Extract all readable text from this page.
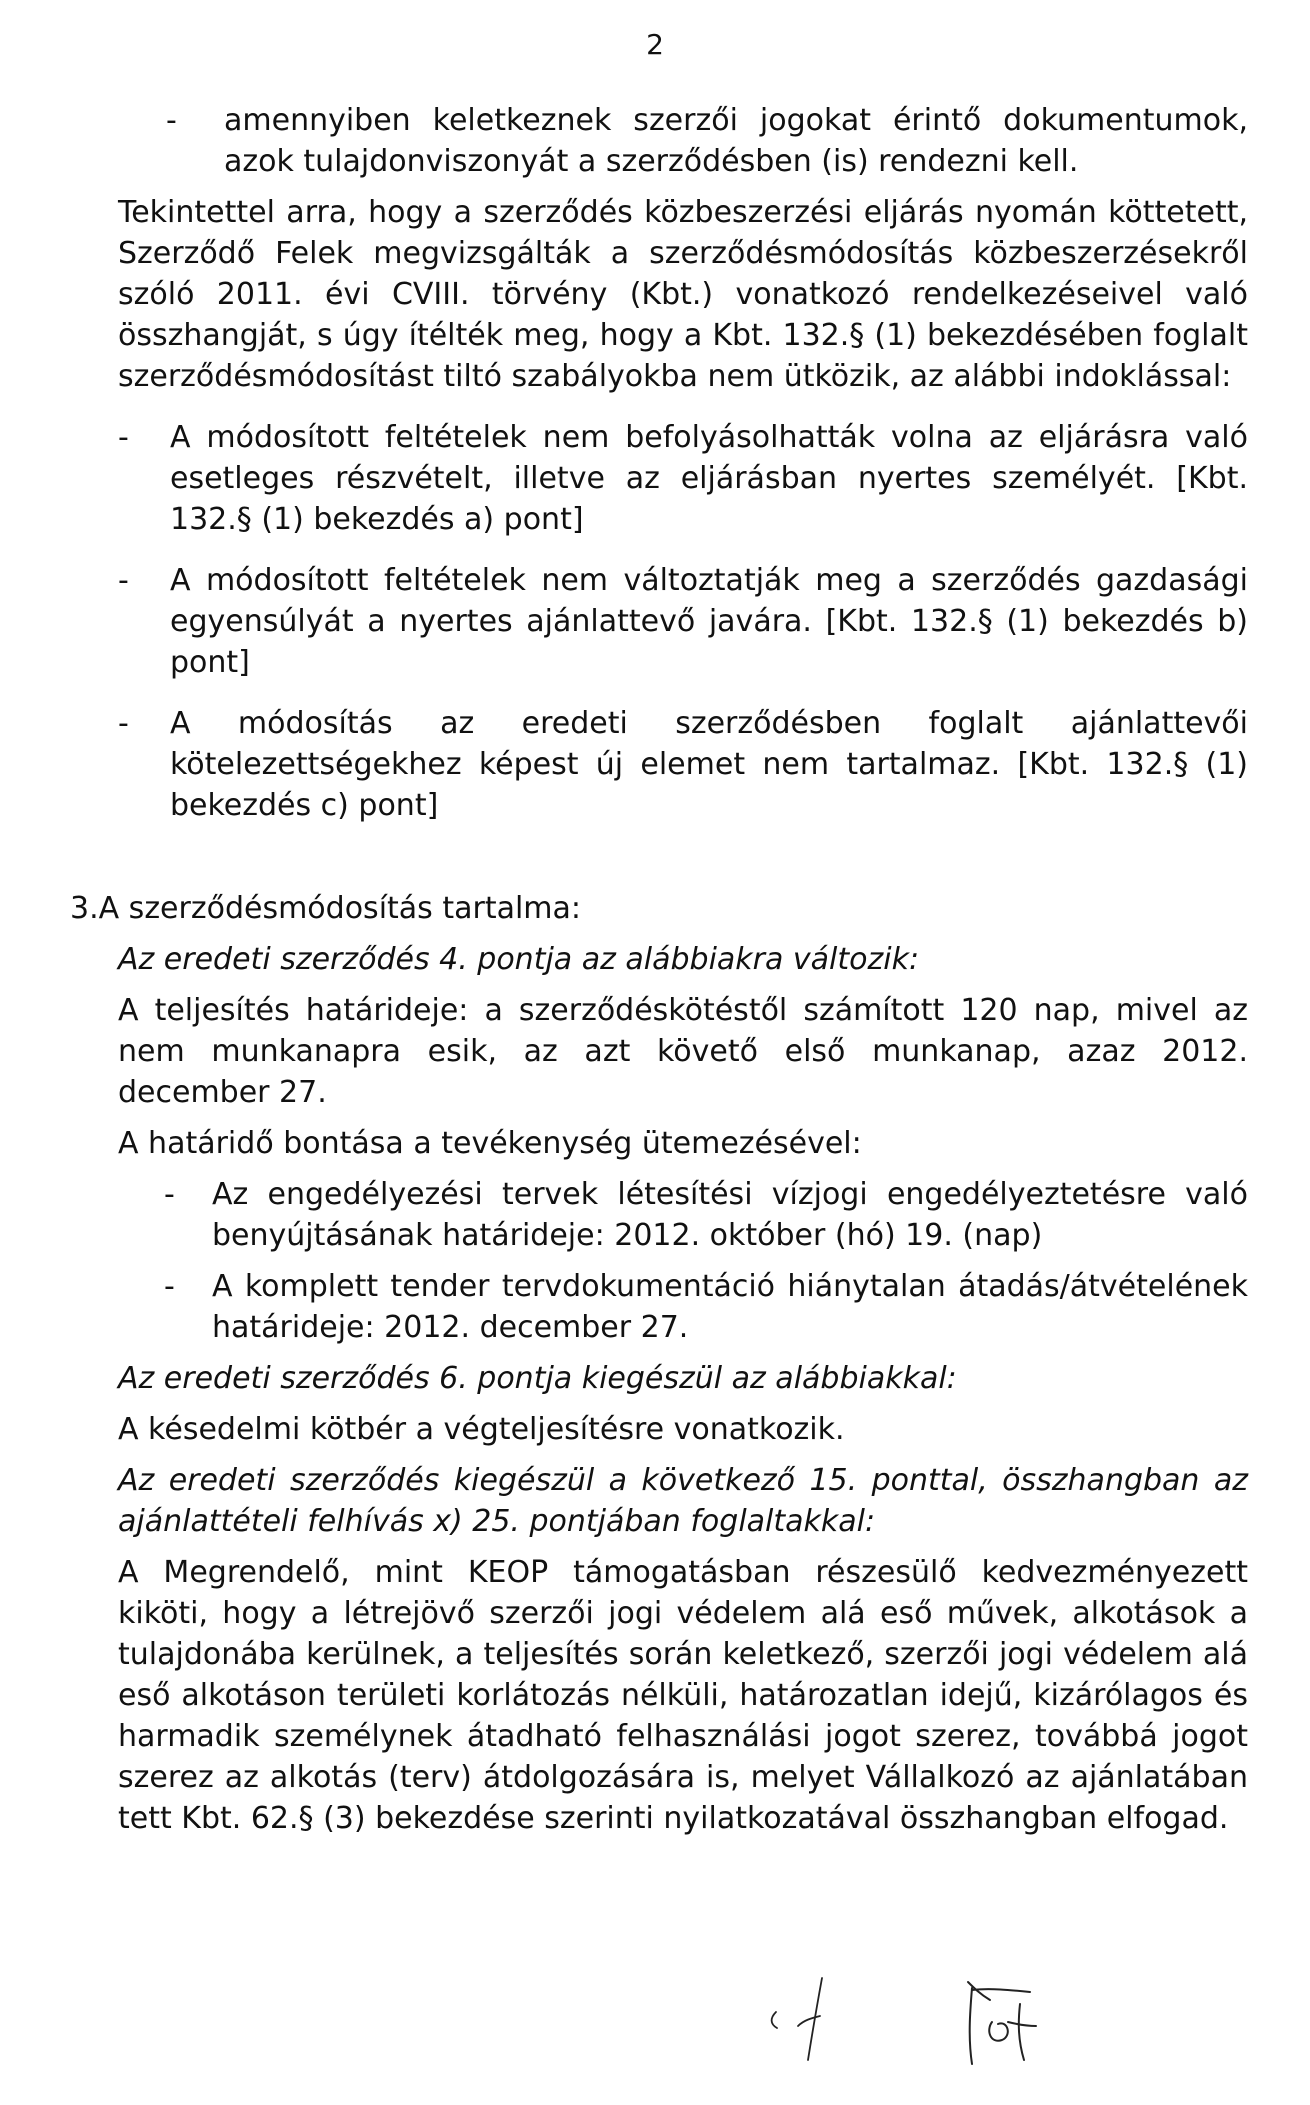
2
-	amennyiben keletkeznek szerzői jogokat érintő dokumentumok, azok tulajdonviszonyát a szerződésben (is) rendezni kell.

Tekintettel arra, hogy a szerződés közbeszerzési eljárás nyomán köttetett, Szerződő Felek megvizsgálták a szerződésmódosítás közbeszerzésekről szóló 2011. évi CVIII. törvény (Kbt.) vonatkozó rendelkezéseivel való összhangját, s úgy ítélték meg, hogy a Kbt. 132.§ (1) bekezdésében foglalt szerződésmódosítást tiltó szabályokba nem ütközik, az alábbi indoklással:

-	A módosított feltételek nem befolyásolhatták volna az eljárásra való esetleges részvételt, illetve az eljárásban nyertes személyét. [Kbt. 132.§ (1) bekezdés a) pont]
-	A módosított feltételek nem változtatják meg a szerződés gazdasági egyensúlyát a nyertes ajánlattevő javára. [Kbt. 132.§ (1) bekezdés b) pont]
-	A módosítás az eredeti szerződésben foglalt ajánlattevői kötelezettségekhez képest új elemet nem tartalmaz. [Kbt. 132.§ (1) bekezdés c) pont]
3. A szerződésmódosítás tartalma:

Az eredeti szerződés 4. pontja az alábbiakra változik:

A teljesítés határideje: a szerződéskötéstől számított 120 nap, mivel az nem munkanapra esik, az azt követő első munkanap, azaz 2012. december 27.

A határidő bontása a tevékenység ütemezésével:

-	Az engedélyezési tervek létesítési vízjogi engedélyeztetésre való benyújtásának határideje: 2012. október (hó) 19. (nap)
-	A komplett tender tervdokumentáció hiánytalan átadás/átvételének határideje: 2012. december 27.

Az eredeti szerződés 6. pontja kiegészül az alábbiakkal:

A késedelmi kötbér a végteljesítésre vonatkozik.

Az eredeti szerződés kiegészül a következő 15. ponttal, összhangban az ajánlattételi felhívás x) 25. pontjában foglaltakkal:

A Megrendelő, mint KEOP támogatásban részesülő kedvezményezett kiköti, hogy a létrejövő szerzői jogi védelem alá eső művek, alkotások a tulajdonába kerülnek, a teljesítés során keletkező, szerzői jogi védelem alá eső alkotáson területi korlátozás nélküli, határozatlan idejű, kizárólagos és harmadik személynek átadható felhasználási jogot szerez, továbbá jogot szerez az alkotás (terv) átdolgozására is, melyet Vállalkozó az ajánlatában tett Kbt. 62.§ (3) bekezdése szerinti nyilatkozatával összhangban elfogad.
